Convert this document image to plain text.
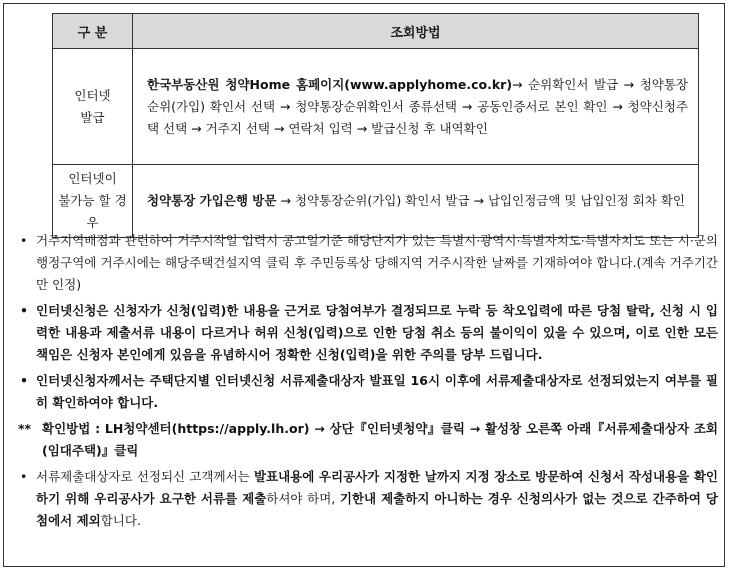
구 분	조회방법
인터넷
발급	한국부동산원 청약Home 홈페이지(www.applyhome.co.kr)→ 순위확인서 발급 → 청약통장 순위(가입) 확인서 선택 → 청약통장순위확인서 종류선택 → 공동인증서로 본인 확인 → 청약신청주택 선택 → 거주지 선택 → 연락처 입력 → 발급신청 후 내역확인
인터넷이
불가능 할 경우	청약통장 가입은행 방문 → 청약통장순위(가입) 확인서 발급 → 납입인정금액 및 납입인정 회차 확인
• 거주지역배점과 관련하여 거주시작일 입력시 공고일기준 해당단지가 있는 특별시·광역시·특별자치도·특별자치도 또는 시·군의 행정구역에 거주시에는 해당주택건설지역 클릭 후 주민등록상 당해지역 거주시작한 날짜를 기재하여야 합니다.(계속 거주기간만 인정)
• 인터넷신청은 신청자가 신청(입력)한 내용을 근거로 당첨여부가 결정되므로 누락 등 착오입력에 따른 당첨 탈락, 신청 시 입력한 내용과 제출서류 내용이 다르거나 허위 신청(입력)으로 인한 당첨 취소 등의 불이익이 있을 수 있으며, 이로 인한 모든 책임은 신청자 본인에게 있음을 유념하시어 정확한 신청(입력)을 위한 주의를 당부 드립니다.
• 인터넷신청자께서는 주택단지별 인터넷신청 서류제출대상자 발표일 16시 이후에 서류제출대상자로 선정되었는지 여부를 필히 확인하여야 합니다.
** 확인방법 : LH청약센터(https://apply.lh.or) → 상단『인터넷청약』클릭 → 활성창 오른쪽 아래『서류제출대상자 조회(임대주택)』클릭
• 서류제출대상자로 선정되신 고객께서는 발표내용에 우리공사가 지정한 날까지 지정 장소로 방문하여 신청서 작성내용을 확인하기 위해 우리공사가 요구한 서류를 제출하셔야 하며, 기한내 제출하지 아니하는 경우 신청의사가 없는 것으로 간주하여 당첨에서 제외합니다.
